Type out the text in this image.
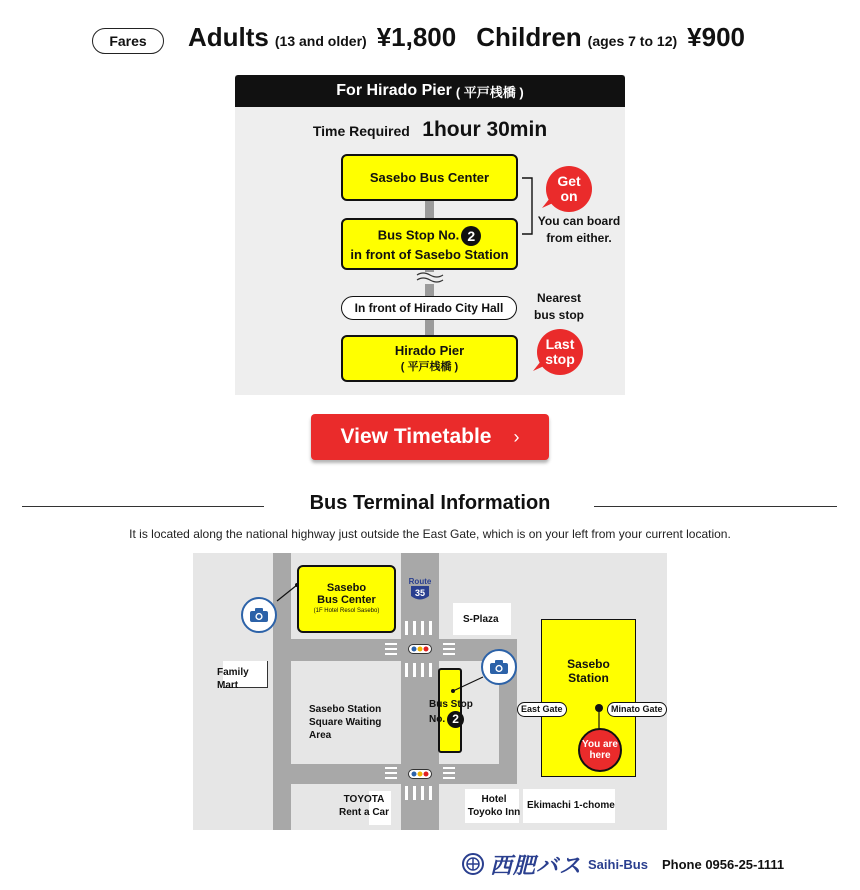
Fares	Adults (13 and older) ¥1,800 Children (ages 7 to 12) ¥900
For Hirado Pier ( 平戸桟橋 )
Time Required 1hour 30min
Sasebo Bus Center
Bus Stop No. 2
in front of Sasebo Station
In front of Hirado City Hall
Hirado Pier
( 平戸桟橋 )
Get
on
You can board
from either.
Nearest
bus stop
Last
stop
View Timetable ›
Bus Terminal Information
It is located along the national highway just outside the East Gate, which is on your left from your current location.
Sasebo
Bus Center
(1F Hotel Resol Sasebo)
Route
35
S-Plaza
Family
Mart
Sasebo Station
Square Waiting
Area
Bus Stop
No. 2
Sasebo
Station
East Gate	Minato Gate
You are
here
TOYOTA
Rent a Car
Hotel
Toyoko Inn
Ekimachi 1-chome
西肥バス Saihi-Bus Phone 0956-25-1111
